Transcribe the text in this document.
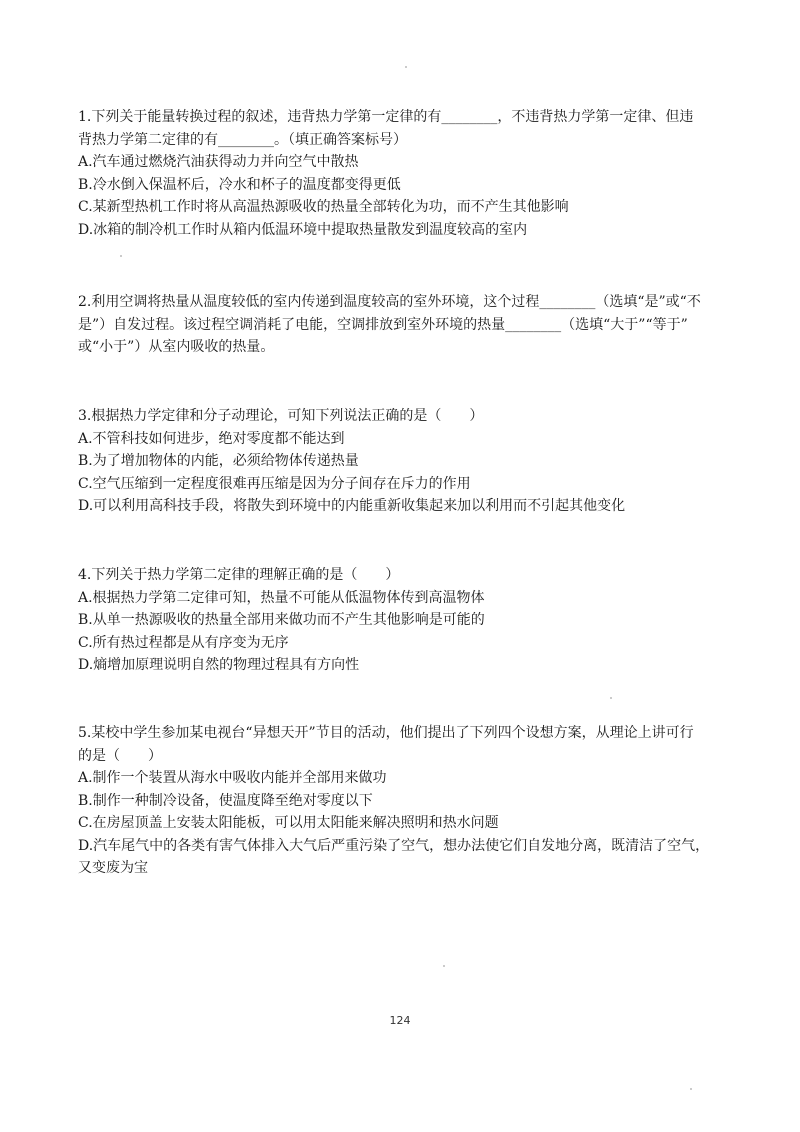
1.下列关于能量转换过程的叙述，违背热力学第一定律的有________，不违背热力学第一定律、但违
背热力学第二定律的有________。（填正确答案标号）
A.汽车通过燃烧汽油获得动力并向空气中散热
B.冷水倒入保温杯后，冷水和杯子的温度都变得更低
C.某新型热机工作时将从高温热源吸收的热量全部转化为功，而不产生其他影响
D.冰箱的制冷机工作时从箱内低温环境中提取热量散发到温度较高的室内
2.利用空调将热量从温度较低的室内传递到温度较高的室外环境，这个过程________（选填“是”或“不
是”）自发过程。该过程空调消耗了电能，空调排放到室外环境的热量________（选填“大于”“等于”
或“小于”）从室内吸收的热量。
3.根据热力学定律和分子动理论，可知下列说法正确的是（　　）
A.不管科技如何进步，绝对零度都不能达到
B.为了增加物体的内能，必须给物体传递热量
C.空气压缩到一定程度很难再压缩是因为分子间存在斥力的作用
D.可以利用高科技手段，将散失到环境中的内能重新收集起来加以利用而不引起其他变化
4.下列关于热力学第二定律的理解正确的是（　　）
A.根据热力学第二定律可知，热量不可能从低温物体传到高温物体
B.从单一热源吸收的热量全部用来做功而不产生其他影响是可能的
C.所有热过程都是从有序变为无序
D.熵增加原理说明自然的物理过程具有方向性
5.某校中学生参加某电视台“异想天开”节目的活动，他们提出了下列四个设想方案，从理论上讲可行
的是（　　）
A.制作一个装置从海水中吸收内能并全部用来做功
B.制作一种制冷设备，使温度降至绝对零度以下
C.在房屋顶盖上安装太阳能板，可以用太阳能来解决照明和热水问题
D.汽车尾气中的各类有害气体排入大气后严重污染了空气，想办法使它们自发地分离，既清洁了空气，
又变废为宝
124
